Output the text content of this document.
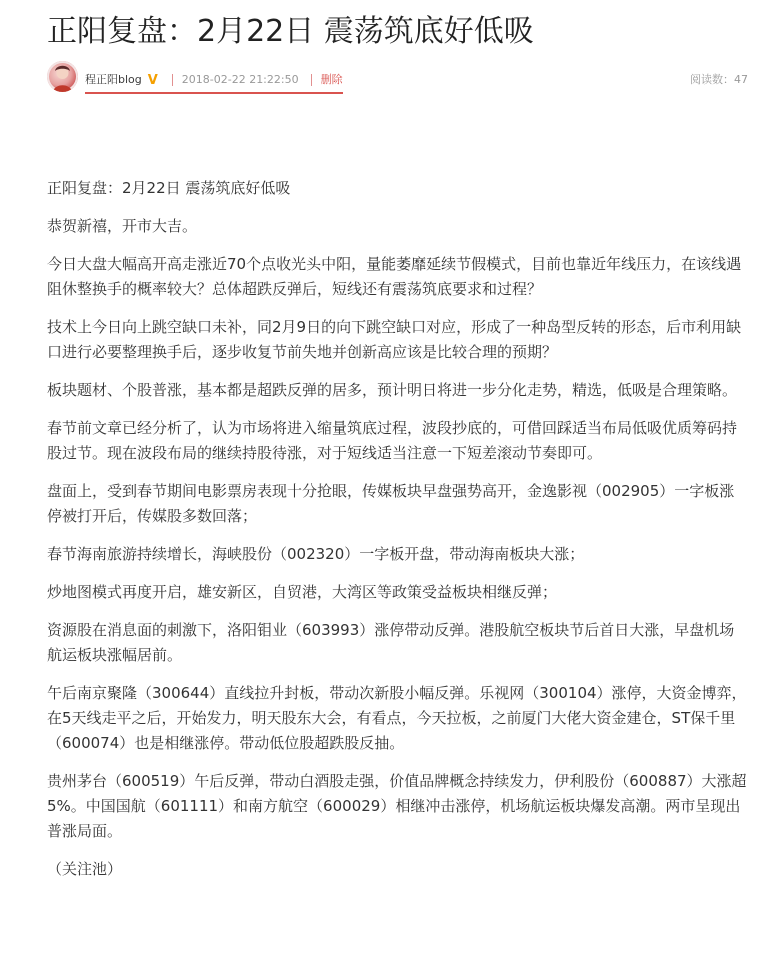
正阳复盘：2月22日 震荡筑底好低吸
程正阳blog V 2018-02-22 21:22:50 删除	阅读数：47

正阳复盘：2月22日 震荡筑底好低吸

恭贺新禧，开市大吉。

今日大盘大幅高开高走涨近70个点收光头中阳，量能萎靡延续节假模式，目前也靠近年线压力，在该线遇阻休整换手的概率较大？总体超跌反弹后，短线还有震荡筑底要求和过程？

技术上今日向上跳空缺口未补，同2月9日的向下跳空缺口对应，形成了一种岛型反转的形态，后市利用缺口进行必要整理换手后，逐步收复节前失地并创新高应该是比较合理的预期？

板块题材、个股普涨，基本都是超跌反弹的居多，预计明日将进一步分化走势，精选，低吸是合理策略。

春节前文章已经分析了，认为市场将进入缩量筑底过程，波段抄底的，可借回踩适当布局低吸优质筹码持股过节。现在波段布局的继续持股待涨，对于短线适当注意一下短差滚动节奏即可。

盘面上，受到春节期间电影票房表现十分抢眼，传媒板块早盘强势高开，金逸影视（002905）一字板涨停被打开后，传媒股多数回落；

春节海南旅游持续增长，海峡股份（002320）一字板开盘，带动海南板块大涨；

炒地图模式再度开启，雄安新区，自贸港，大湾区等政策受益板块相继反弹；

资源股在消息面的刺激下，洛阳钼业（603993）涨停带动反弹。港股航空板块节后首日大涨，早盘机场航运板块涨幅居前。

午后南京聚隆（300644）直线拉升封板，带动次新股小幅反弹。乐视网（300104）涨停，大资金博弈，在5天线走平之后，开始发力，明天股东大会，有看点，今天拉板，之前厦门大佬大资金建仓，ST保千里（600074）也是相继涨停。带动低位股超跌股反抽。

贵州茅台（600519）午后反弹，带动白酒股走强，价值品牌概念持续发力，伊利股份（600887）大涨超5%。中国国航（601111）和南方航空（600029）相继冲击涨停，机场航运板块爆发高潮。两市呈现出普涨局面。

（关注池）
